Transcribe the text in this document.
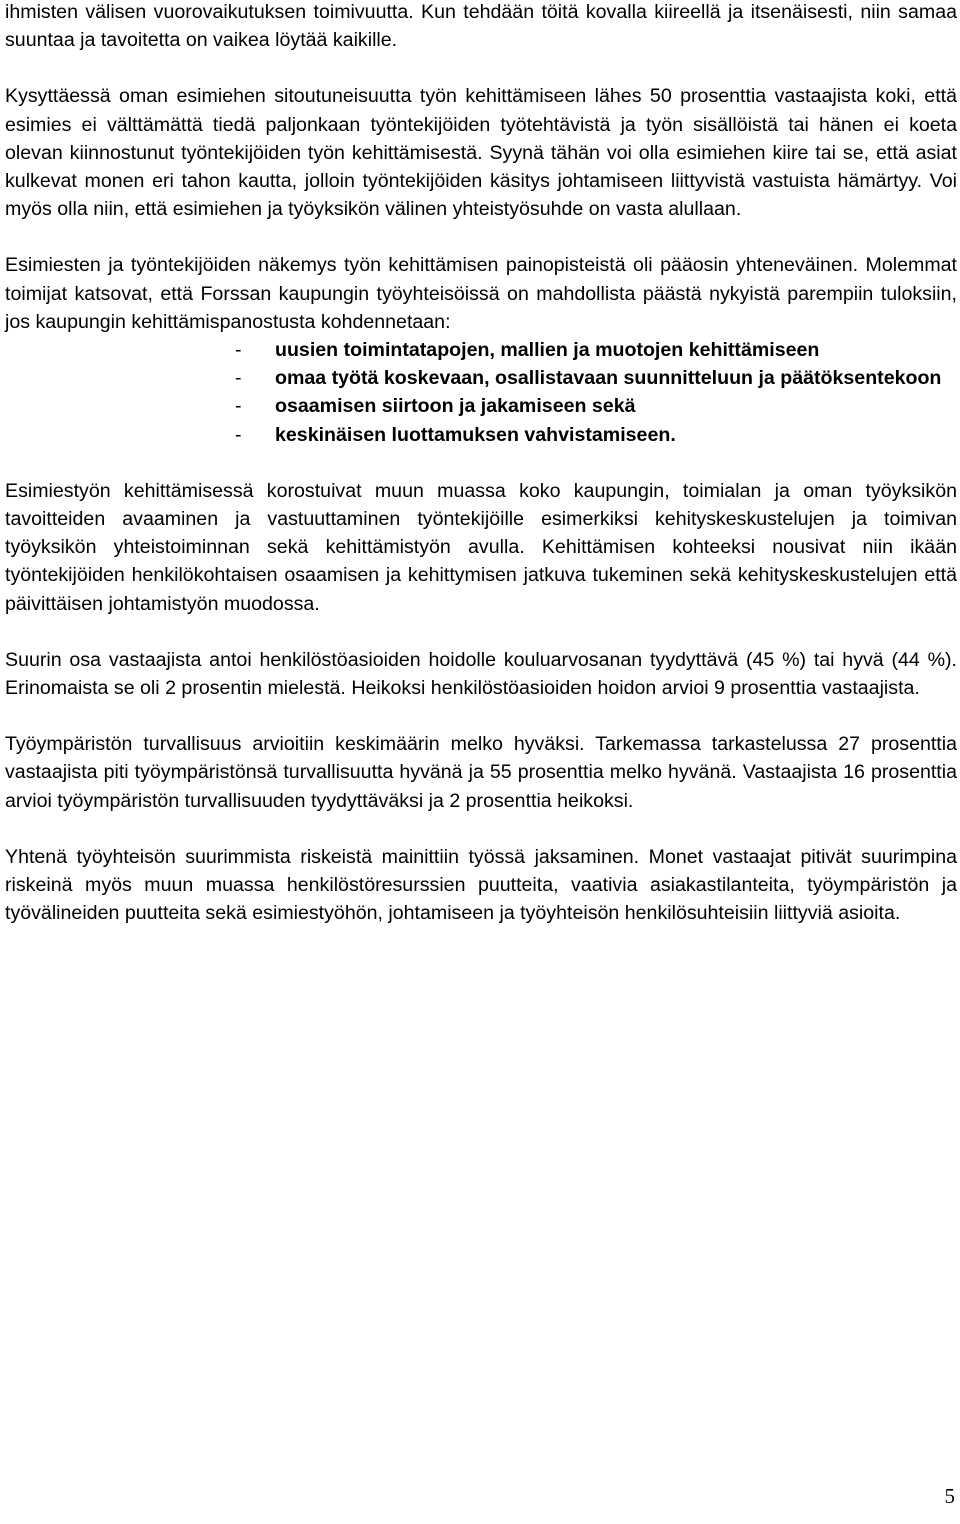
ihmisten välisen vuorovaikutuksen toimivuutta. Kun tehdään töitä kovalla kiireellä ja itsenäisesti, niin samaa suuntaa ja tavoitetta on vaikea löytää kaikille.

Kysyttäessä oman esimiehen sitoutuneisuutta työn kehittämiseen lähes 50 prosenttia vastaajista koki, että esimies ei välttämättä tiedä paljonkaan työntekijöiden työtehtävistä ja työn sisällöistä tai hänen ei koeta olevan kiinnostunut työntekijöiden työn kehittämisestä. Syynä tähän voi olla esimiehen kiire tai se, että asiat kulkevat monen eri tahon kautta, jolloin työntekijöiden käsitys johtamiseen liittyvistä vastuista hämärtyy. Voi myös olla niin, että esimiehen ja työyksikön välinen yhteistyösuhde on vasta alullaan.

Esimiesten ja työntekijöiden näkemys työn kehittämisen painopisteistä oli pääosin yhteneväinen. Molemmat toimijat katsovat, että Forssan kaupungin työyhteisöissä on mahdollista päästä nykyistä parempiin tuloksiin, jos kaupungin kehittämispanostusta kohdennetaan:

- uusien toimintatapojen, mallien ja muotojen kehittämiseen
- omaa työtä koskevaan, osallistavaan suunnitteluun ja päätöksentekoon
- osaamisen siirtoon ja jakamiseen sekä
- keskinäisen luottamuksen vahvistamiseen.

Esimiestyön kehittämisessä korostuivat muun muassa koko kaupungin, toimialan ja oman työyksikön tavoitteiden avaaminen ja vastuuttaminen työntekijöille esimerkiksi kehityskeskustelujen ja toimivan työyksikön yhteistoiminnan sekä kehittämistyön avulla. Kehittämisen kohteeksi nousivat niin ikään työntekijöiden henkilökohtaisen osaamisen ja kehittymisen jatkuva tukeminen sekä kehityskeskustelujen että päivittäisen johtamistyön muodossa.

Suurin osa vastaajista antoi henkilöstöasioiden hoidolle kouluarvosanan tyydyttävä (45 %) tai hyvä (44 %). Erinomaista se oli 2 prosentin mielestä. Heikoksi henkilöstöasioiden hoidon arvioi 9 prosenttia vastaajista.

Työympäristön turvallisuus arvioitiin keskimäärin melko hyväksi. Tarkemassa tarkastelussa 27 prosenttia vastaajista piti työympäristönsä turvallisuutta hyvänä ja 55 prosenttia melko hyvänä. Vastaajista 16 prosenttia arvioi työympäristön turvallisuuden tyydyttäväksi ja 2 prosenttia heikoksi.

Yhtenä työyhteisön suurimmista riskeistä mainittiin työssä jaksaminen. Monet vastaajat pitivät suurimpina riskeinä myös muun muassa henkilöstöresurssien puutteita, vaativia asiakastilanteita, työympäristön ja työvälineiden puutteita sekä esimiestyöhön, johtamiseen ja työyhteisön henkilösuhteisiin liittyviä asioita.

5
